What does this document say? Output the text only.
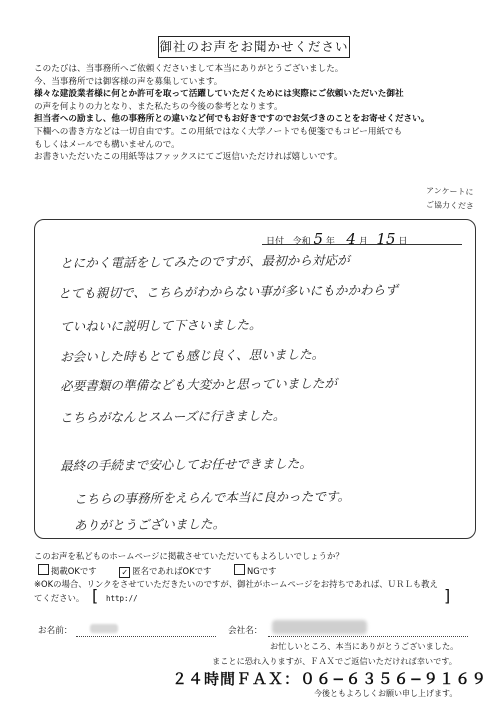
御社のお声をお聞かせください
このたびは、当事務所へご依頼くださいまして本当にありがとうございました。
今、当事務所では御客様の声を募集しています。
様々な建設業者様に何とか許可を取って活躍していただくためには実際にご依頼いただいた御社
の声を何よりの力となり、また私たちの今後の参考となります。
担当者への励まし、他の事務所との違いなど何でもお好きですのでお気づきのことをお寄せください。
下欄への書き方などは一切自由です。この用紙ではなく大学ノートでも便箋でもコピー用紙でも
もしくはメールでも構いませんので。
お書きいただいたこの用紙等はファックスにてご返信いただければ嬉しいです。
アンケートに
ご協力くださ
日付 令和 5 年 4 月 15 日
とにかく電話をしてみたのですが、最初から対応が
とても親切で、こちらがわからない事が多いにもかかわらず
ていねいに説明して下さいました。
お会いした時もとても感じ良く、思いました。
必要書類の準備なども大変かと思っていましたが
こちらがなんとスムーズに行きました。
最終の手続まで安心してお任せできました。
こちらの事務所をえらんで本当に良かったです。
ありがとうございました。
このお声を私どものホームページに掲載させていただいてもよろしいでしょうか？
掲載OKです	✓ 匿名であればOKです	NGです
※OKの場合、リンクをさせていただきたいのですが、御社がホームページをお持ちであれば、ＵＲＬも教え
てください。 [ http://	]
お名前：	会社名：
お忙しいところ、本当にありがとうございました。
まことに恐れ入りますが、ＦＡＸでご返信いただければ幸いです。
２４時間ＦＡＸ：０６−６３５６−９１６９
今後ともよろしくお願い申し上げます。
